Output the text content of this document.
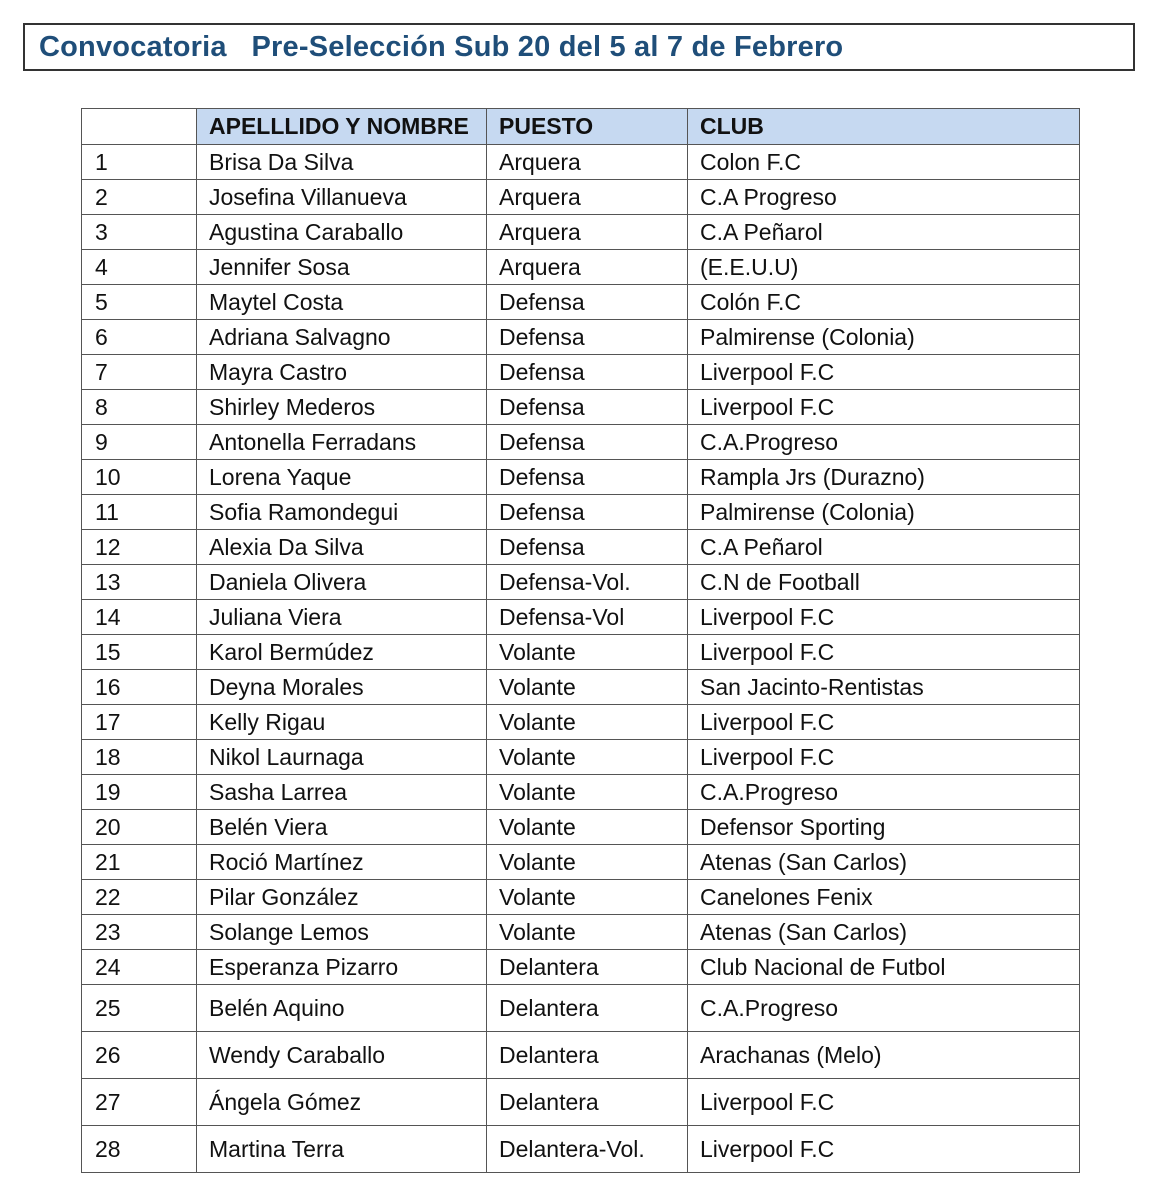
Convocatoria   Pre-Selección Sub 20 del 5 al 7 de Febrero
	APELLLIDO Y NOMBRE	PUESTO	CLUB
1	Brisa Da Silva	Arquera	Colon F.C
2	Josefina Villanueva	Arquera	C.A Progreso
3	Agustina Caraballo	Arquera	C.A Peñarol
4	Jennifer Sosa	Arquera	(E.E.U.U)
5	Maytel Costa	Defensa	Colón F.C
6	Adriana Salvagno	Defensa	Palmirense (Colonia)
7	Mayra Castro	Defensa	Liverpool F.C
8	Shirley Mederos	Defensa	Liverpool F.C
9	Antonella Ferradans	Defensa	C.A.Progreso
10	Lorena Yaque	Defensa	Rampla Jrs (Durazno)
11	Sofia Ramondegui	Defensa	Palmirense (Colonia)
12	Alexia Da Silva	Defensa	C.A Peñarol
13	Daniela Olivera	Defensa-Vol.	C.N de Football
14	Juliana Viera	Defensa-Vol	Liverpool F.C
15	Karol Bermúdez	Volante	Liverpool F.C
16	Deyna Morales	Volante	San Jacinto-Rentistas
17	Kelly Rigau	Volante	Liverpool F.C
18	Nikol Laurnaga	Volante	Liverpool F.C
19	Sasha Larrea	Volante	C.A.Progreso
20	Belén Viera	Volante	Defensor Sporting
21	Roció Martínez	Volante	Atenas (San Carlos)
22	Pilar González	Volante	Canelones Fenix
23	Solange Lemos	Volante	Atenas (San Carlos)
24	Esperanza Pizarro	Delantera	Club Nacional de Futbol
25	Belén Aquino	Delantera	C.A.Progreso
26	Wendy Caraballo	Delantera	Arachanas (Melo)
27	Ángela Gómez	Delantera	Liverpool F.C
28	Martina Terra	Delantera-Vol.	Liverpool F.C
